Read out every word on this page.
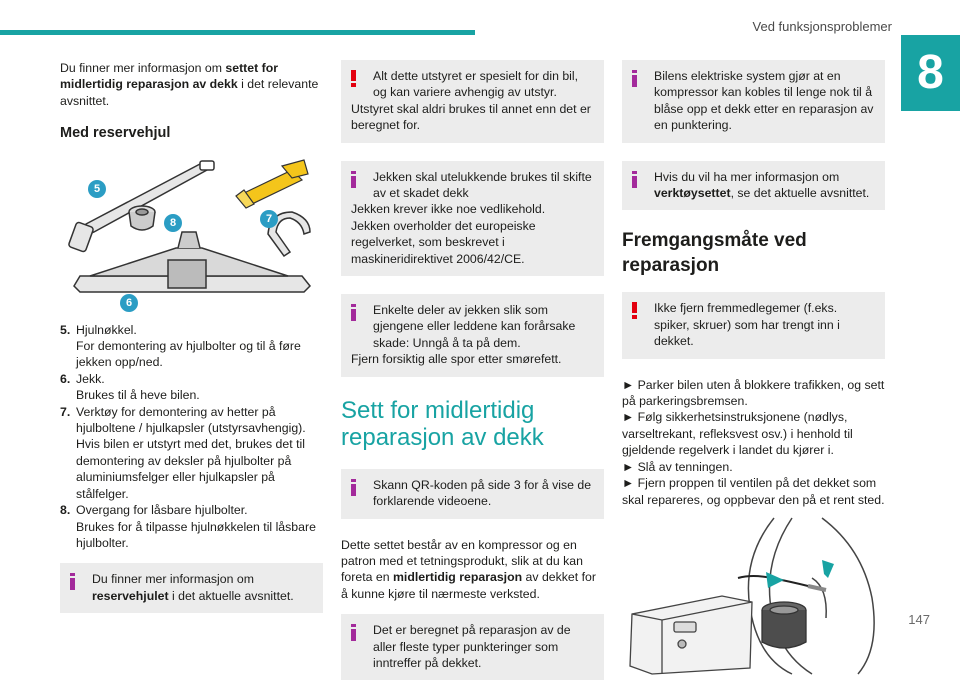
Ved funksjonsproblemer
8
147

Du finner mer informasjon om settet for midlertidig reparasjon av dekk i det relevante avsnittet.

Med reservehjul
5
8	7
6
5. Hjulnøkkel.
For demontering av hjulbolter og til å føre jekken opp/ned.
6. Jekk.
Brukes til å heve bilen.
7. Verktøy for demontering av hetter på hjulboltene / hjulkapsler (utstyrsavhengig).
Hvis bilen er utstyrt med det, brukes det til demontering av deksler på hjulbolter på aluminiumsfelger eller hjulkapsler på stålfelger.
8. Overgang for låsbare hjulbolter.
Brukes for å tilpasse hjulnøkkelen til låsbare hjulbolter.
Du finner mer informasjon om reservehjulet i det aktuelle avsnittet.
Alt dette utstyret er spesielt for din bil, og kan variere avhengig av utstyr.
Utstyret skal aldri brukes til annet enn det er beregnet for.
Jekken skal utelukkende brukes til skifte av et skadet dekk
Jekken krever ikke noe vedlikehold.
Jekken overholder det europeiske regelverket, som beskrevet i maskineridirektivet 2006/42/CE.
Enkelte deler av jekken slik som gjengene eller leddene kan forårsake skade: Unngå å ta på dem.
Fjern forsiktig alle spor etter smørefett.
Sett for midlertidig reparasjon av dekk
Skann QR-koden på side 3 for å vise de forklarende videoene.

Dette settet består av en kompressor og en patron med et tetningsprodukt, slik at du kan foreta en midlertidig reparasjon av dekket for å kunne kjøre til nærmeste verksted.

Det er beregnet på reparasjon av de aller fleste typer punkteringer som inntreffer på dekket.
Bilens elektriske system gjør at en kompressor kan kobles til lenge nok til å blåse opp et dekk etter en reparasjon av en punktering.
Hvis du vil ha mer informasjon om verktøysettet, se det aktuelle avsnittet.
Fremgangsmåte ved reparasjon
Ikke fjern fremmedlegemer (f.eks. spiker, skruer) som har trengt inn i dekket.
► Parker bilen uten å blokkere trafikken, og sett på parkeringsbremsen.
► Følg sikkerhetsinstruksjonene (nødlys, varseltrekant, refleksvest osv.) i henhold til gjeldende regelverk i landet du kjører i.
► Slå av tenningen.
► Fjern proppen til ventilen på det dekket som skal repareres, og oppbevar den på et rent sted.
